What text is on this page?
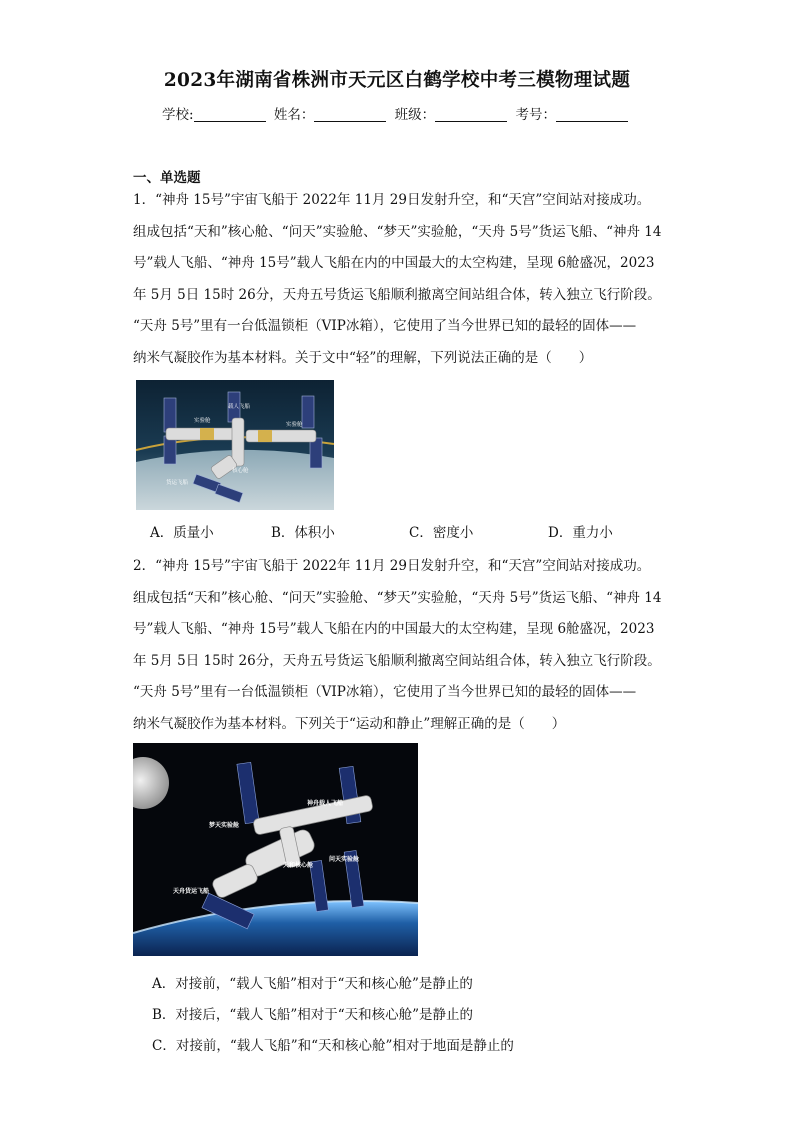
2023年湖南省株洲市天元区白鹤学校中考三模物理试题
学校:	姓名：	班级：	考号：
一、单选题
1．“神舟 15号”宇宙飞船于 2022年 11月 29日发射升空，和“天宫”空间站对接成功。
组成包括“天和”核心舱、“问天”实验舱、“梦天”实验舱，“天舟 5号”货运飞船、“神舟 14
号”载人飞船、“神舟 15号”载人飞船在内的中国最大的太空构建，呈现 6舱盛况，2023
年 5月 5日 15时 26分，天舟五号货运飞船顺利撤离空间站组合体，转入独立飞行阶段。
“天舟 5号”里有一台低温锁柜（VIP冰箱），它使用了当今世界已知的最轻的固体——
纳米气凝胶作为基本材料。关于文中“轻”的理解，下列说法正确的是（　　）
载人飞船
实验舱
实验舱
核心舱
货运飞船
A．质量小	B．体积小	C．密度小	D．重力小
2．“神舟 15号”宇宙飞船于 2022年 11月 29日发射升空，和“天宫”空间站对接成功。
组成包括“天和”核心舱、“问天”实验舱、“梦天”实验舱，“天舟 5号”货运飞船、“神舟 14
号”载人飞船、“神舟 15号”载人飞船在内的中国最大的太空构建，呈现 6舱盛况，2023
年 5月 5日 15时 26分，天舟五号货运飞船顺利撤离空间站组合体，转入独立飞行阶段。
“天舟 5号”里有一台低温锁柜（VIP冰箱），它使用了当今世界已知的最轻的固体——
纳米气凝胶作为基本材料。下列关于“运动和静止”理解正确的是（　　）
神舟载人飞船
梦天实验舱
天和核心舱
问天实验舱
天舟货运飞船
A．对接前，“载人飞船”相对于“天和核心舱”是静止的
B．对接后，“载人飞船”相对于“天和核心舱”是静止的
C．对接前，“载人飞船”和“天和核心舱”相对于地面是静止的
